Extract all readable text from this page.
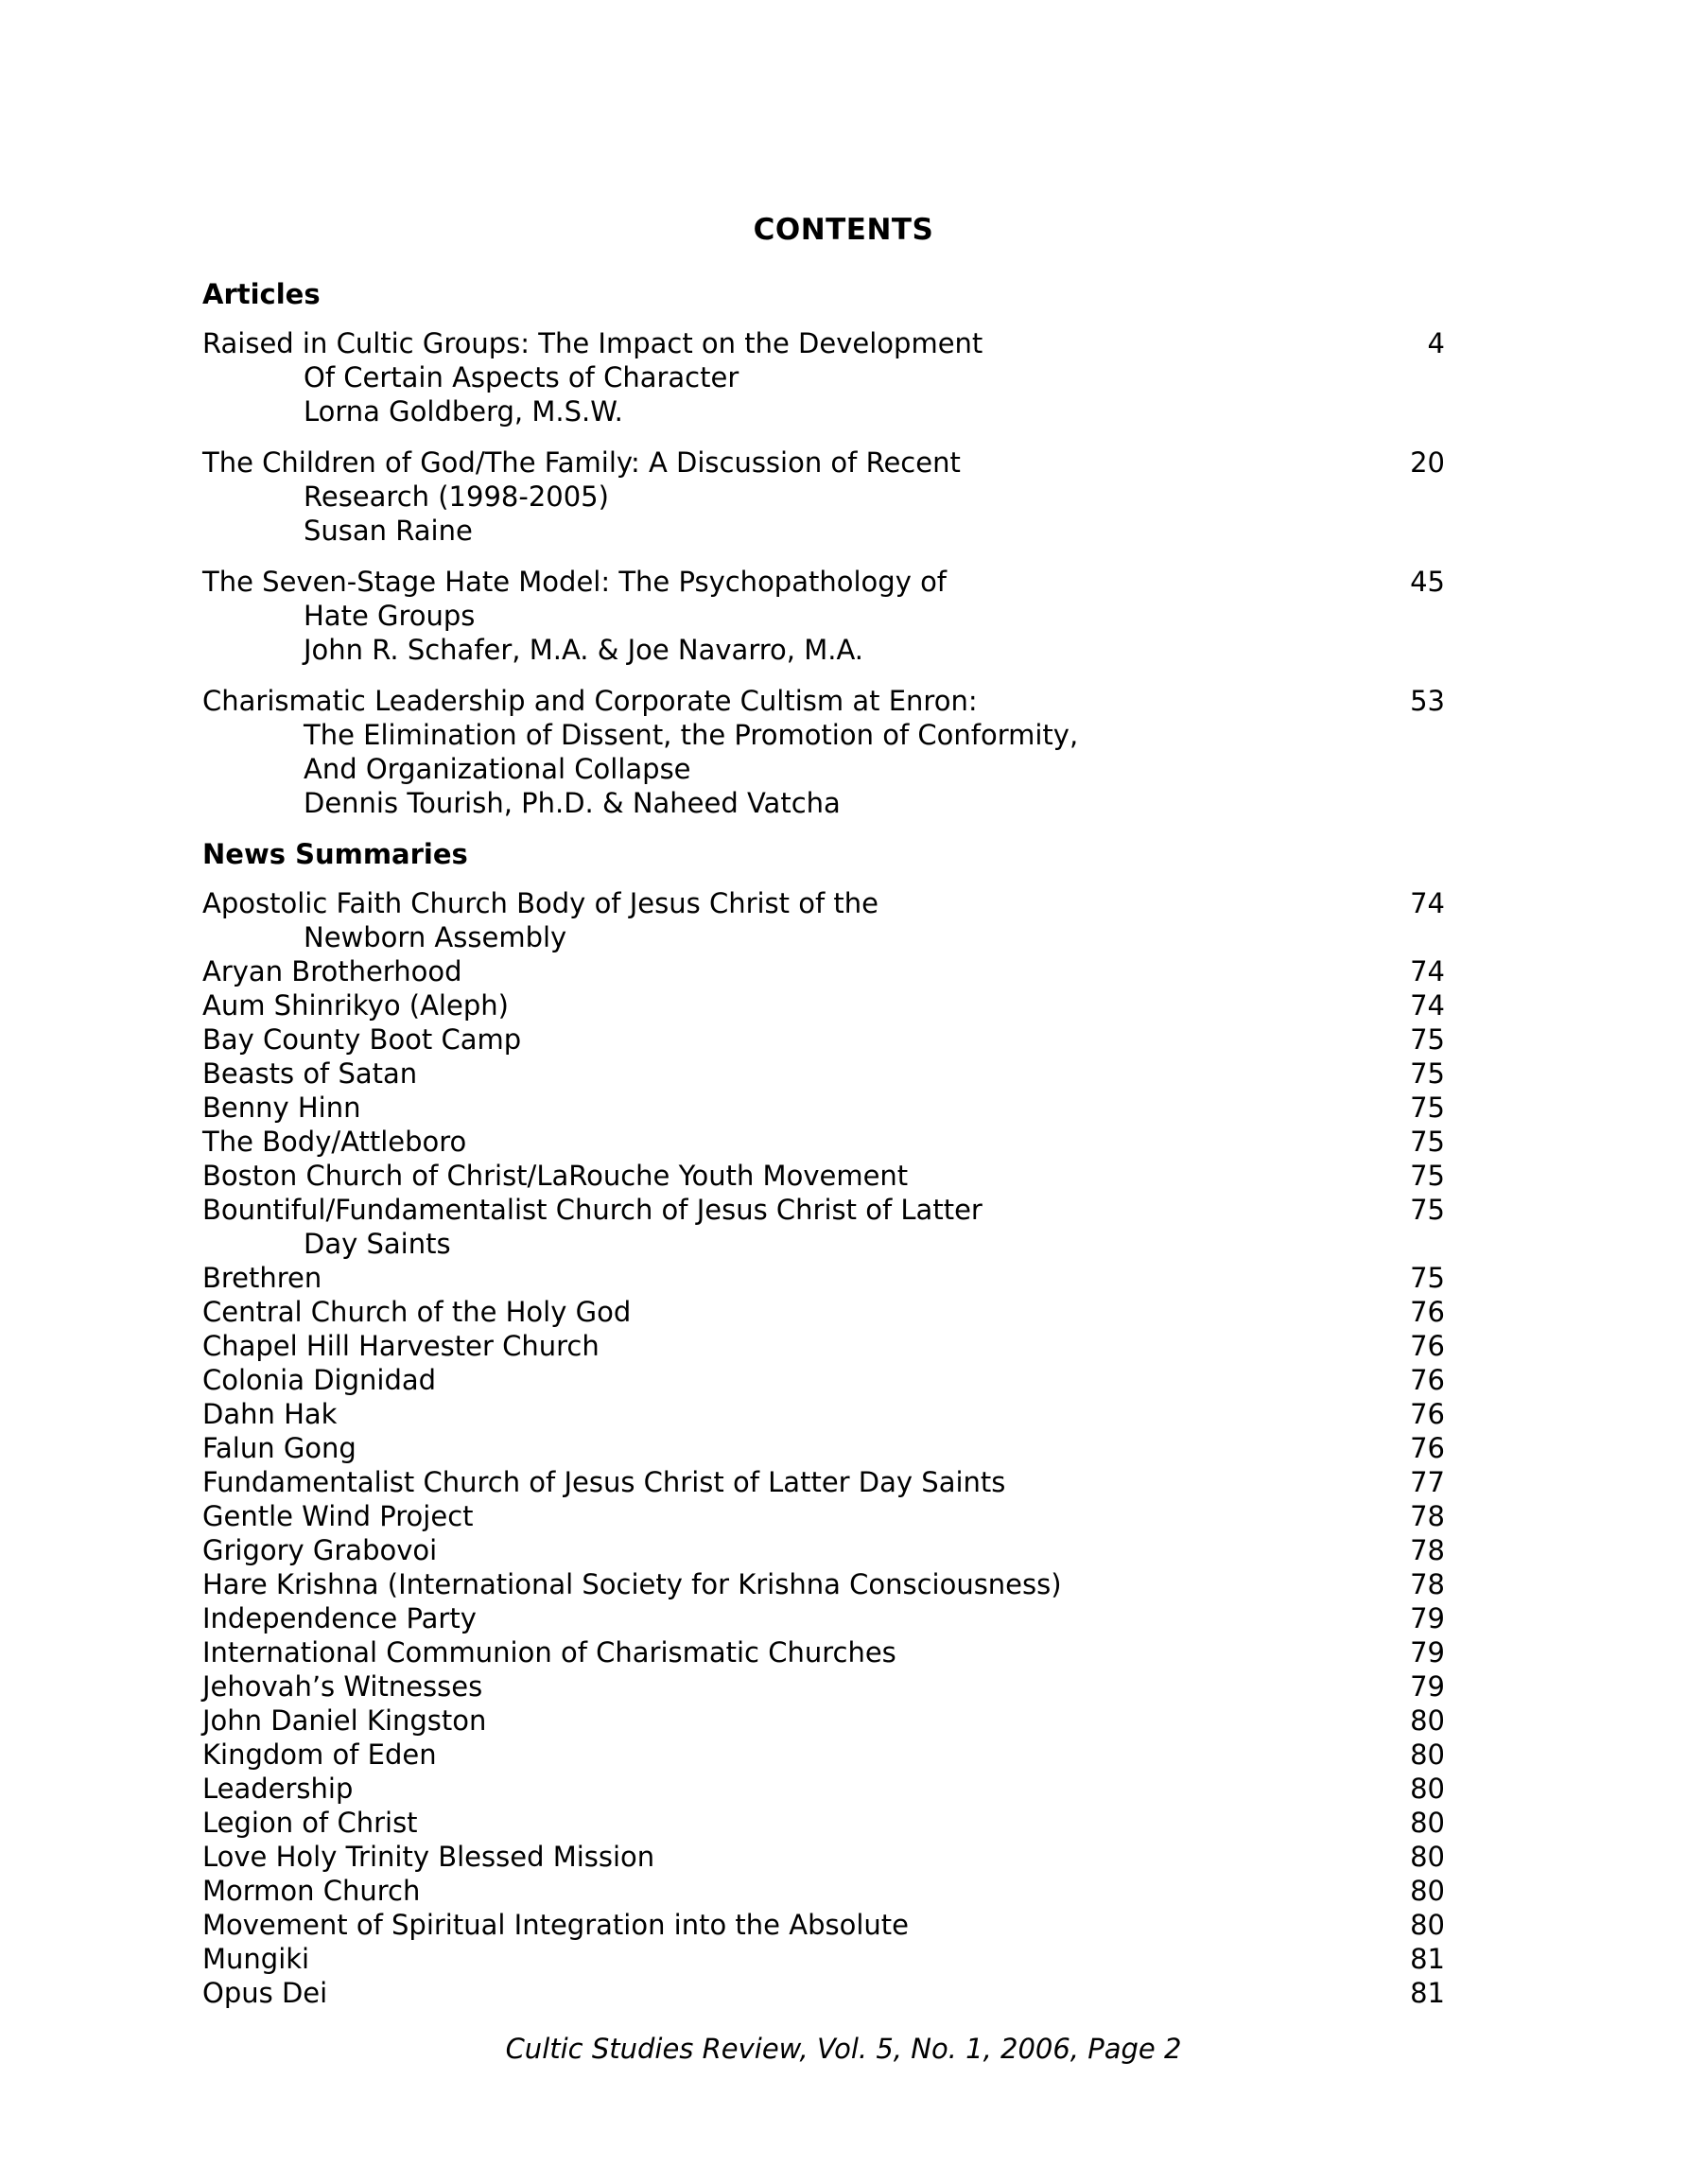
CONTENTS
Articles
Raised in Cultic Groups: The Impact on the Development	4
Of Certain Aspects of Character
Lorna Goldberg, M.S.W.
The Children of God/The Family: A Discussion of Recent	20
Research (1998-2005)
Susan Raine
The Seven-Stage Hate Model: The Psychopathology of	45
Hate Groups
John R. Schafer, M.A. & Joe Navarro, M.A.
Charismatic Leadership and Corporate Cultism at Enron:	53
The Elimination of Dissent, the Promotion of Conformity,
And Organizational Collapse
Dennis Tourish, Ph.D. & Naheed Vatcha
News Summaries
Apostolic Faith Church Body of Jesus Christ of the	74
Newborn Assembly
Aryan Brotherhood	74
Aum Shinrikyo (Aleph)	74
Bay County Boot Camp	75
Beasts of Satan	75
Benny Hinn	75
The Body/Attleboro	75
Boston Church of Christ/LaRouche Youth Movement	75
Bountiful/Fundamentalist Church of Jesus Christ of Latter	75
Day Saints
Brethren	75
Central Church of the Holy God	76
Chapel Hill Harvester Church	76
Colonia Dignidad	76
Dahn Hak	76
Falun Gong	76
Fundamentalist Church of Jesus Christ of Latter Day Saints	77
Gentle Wind Project	78
Grigory Grabovoi	78
Hare Krishna (International Society for Krishna Consciousness)	78
Independence Party	79
International Communion of Charismatic Churches	79
Jehovah’s Witnesses	79
John Daniel Kingston	80
Kingdom of Eden	80
Leadership	80
Legion of Christ	80
Love Holy Trinity Blessed Mission	80
Mormon Church	80
Movement of Spiritual Integration into the Absolute	80
Mungiki	81
Opus Dei	81
Cultic Studies Review, Vol. 5, No. 1, 2006, Page 2
